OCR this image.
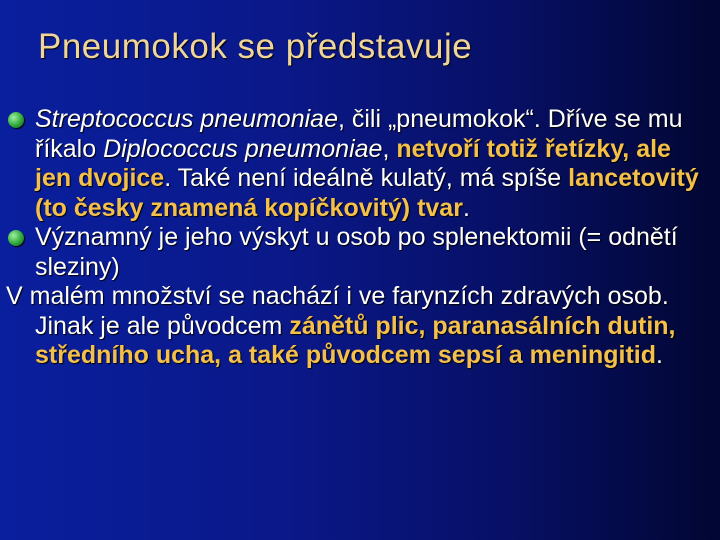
Pneumokok se představuje

Streptococcus pneumoniae, čili „pneumokok“. Dříve se mu říkalo Diplococcus pneumoniae, netvoří totiž řetízky, ale jen dvojice. Také není ideálně kulatý, má spíše lancetovitý (to česky znamená kopíčkovitý) tvar.

Významný je jeho výskyt u osob po splenektomii (= odnětí sleziny)

V malém množství se nachází i ve farynzích zdravých osob. Jinak je ale původcem zánětů plic, paranasálních dutin, středního ucha, a také původcem sepsí a meningitid.
